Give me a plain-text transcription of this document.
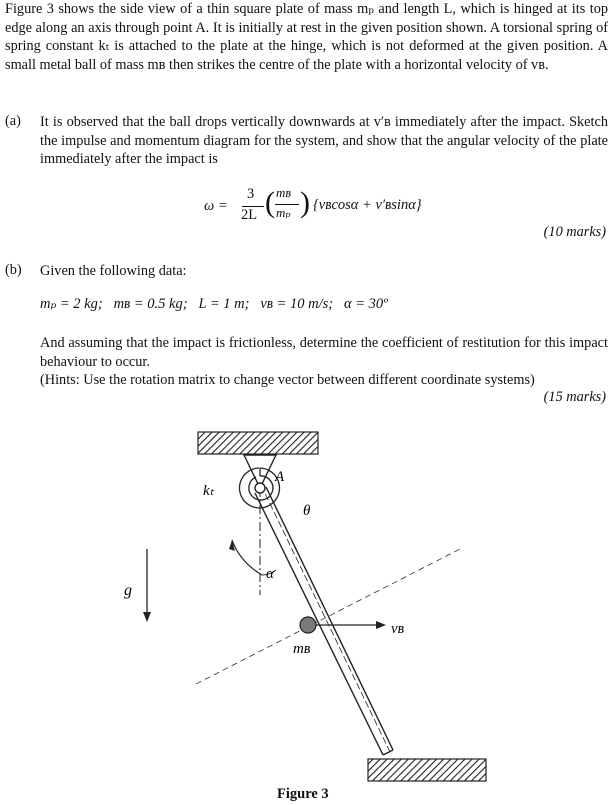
Figure 3 shows the side view of a thin square plate of mass mₚ and length L, which is hinged at its top edge along an axis through point A. It is initially at rest in the given position shown. A torsional spring of spring constant kₜ is attached to the plate at the hinge, which is not deformed at the given position. A small metal ball of mass mʙ then strikes the centre of the plate with a horizontal velocity of vʙ.
(a) It is observed that the ball drops vertically downwards at v′ʙ immediately after the impact. Sketch the impulse and momentum diagram for the system, and show that the angular velocity of the plate immediately after the impact is
ω =
3
2L ( mʙ
mₚ ) {vʙcosα + v′ʙsinα}
(10 marks)
(b) Given the following data:
mₚ = 2 kg;   mʙ = 0.5 kg;   L = 1 m;   vʙ = 10 m/s;   α = 30º
And assuming that the impact is frictionless, determine the coefficient of restitution for this impact behaviour to occur.
(Hints: Use the rotation matrix to change vector between different coordinate systems)
(15 marks)
kₜ
A
θ
α
g
vʙ
mʙ
Figure 3
